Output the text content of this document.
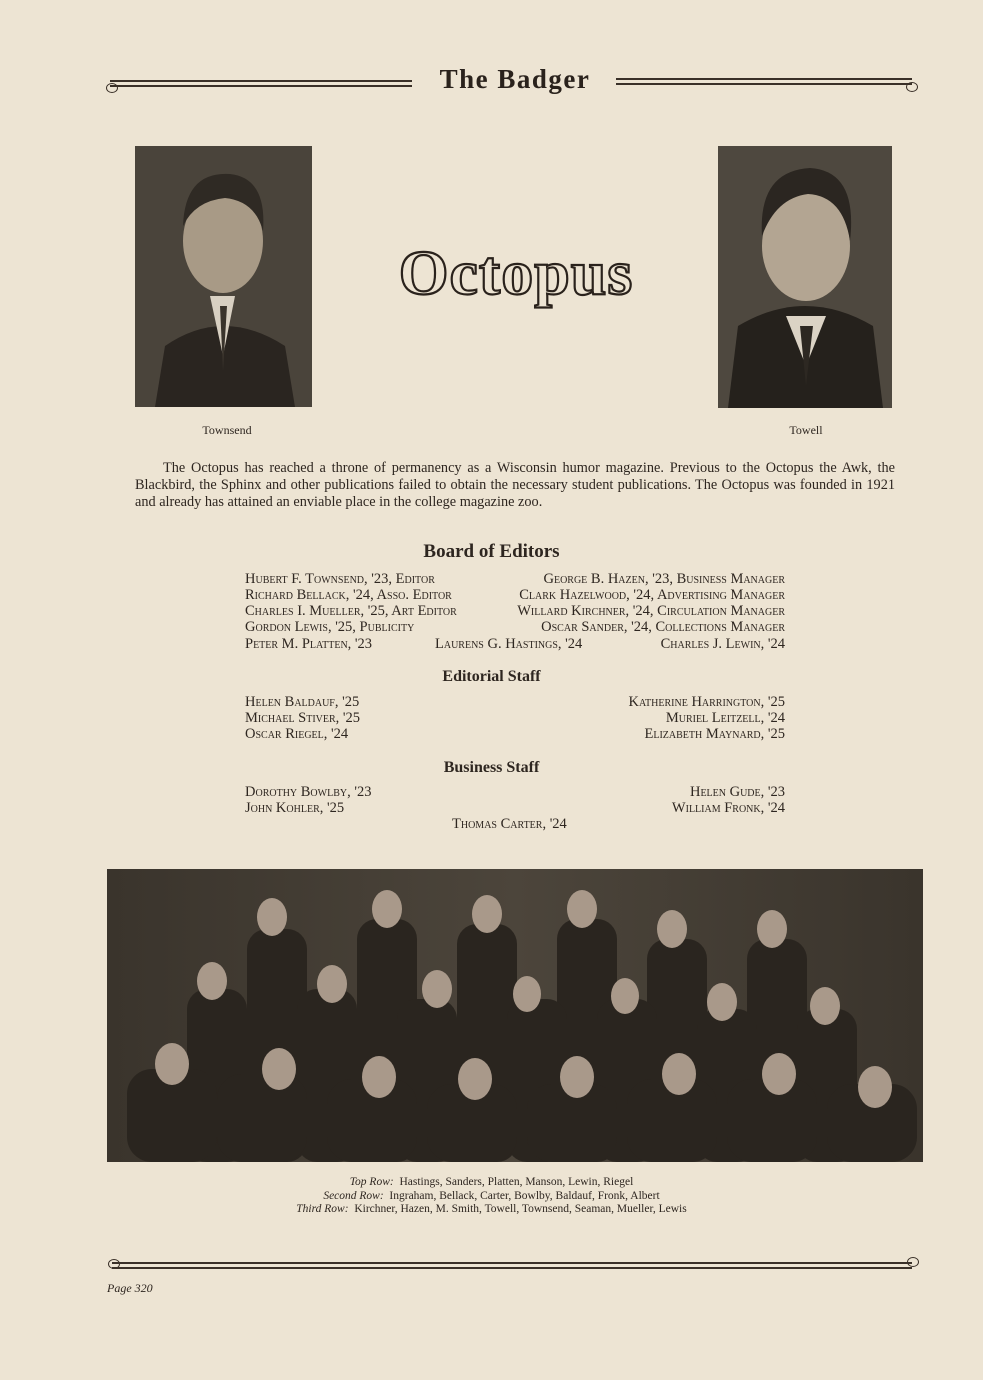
The Badger
Townsend	Towell
Octopus
The Octopus has reached a throne of permanency as a Wisconsin humor magazine. Previous to the Octopus the Awk, the Blackbird, the Sphinx and other publications failed to obtain the necessary student publications. The Octopus was founded in 1921 and already has attained an enviable place in the college magazine zoo.
Board of Editors
Hubert F. Townsend, '23, Editor
Richard Bellack, '24, Asso. Editor
Charles I. Mueller, '25, Art Editor
Gordon Lewis, '25, Publicity
Peter M. Platten, '23
George B. Hazen, '23, Business Manager
Clark Hazelwood, '24, Advertising Manager
Willard Kirchner, '24, Circulation Manager
Oscar Sander, '24, Collections Manager
Charles J. Lewin, '24
Laurens G. Hastings, '24
Editorial Staff
Helen Baldauf, '25
Michael Stiver, '25
Oscar Riegel, '24
Katherine Harrington, '25
Muriel Leitzell, '24
Elizabeth Maynard, '25
Business Staff
Dorothy Bowlby, '23
John Kohler, '25
Helen Gude, '23
William Fronk, '24
Thomas Carter, '24
Top Row: Hastings, Sanders, Platten, Manson, Lewin, Riegel
Second Row: Ingraham, Bellack, Carter, Bowlby, Baldauf, Fronk, Albert
Third Row: Kirchner, Hazen, M. Smith, Towell, Townsend, Seaman, Mueller, Lewis
Page 320
